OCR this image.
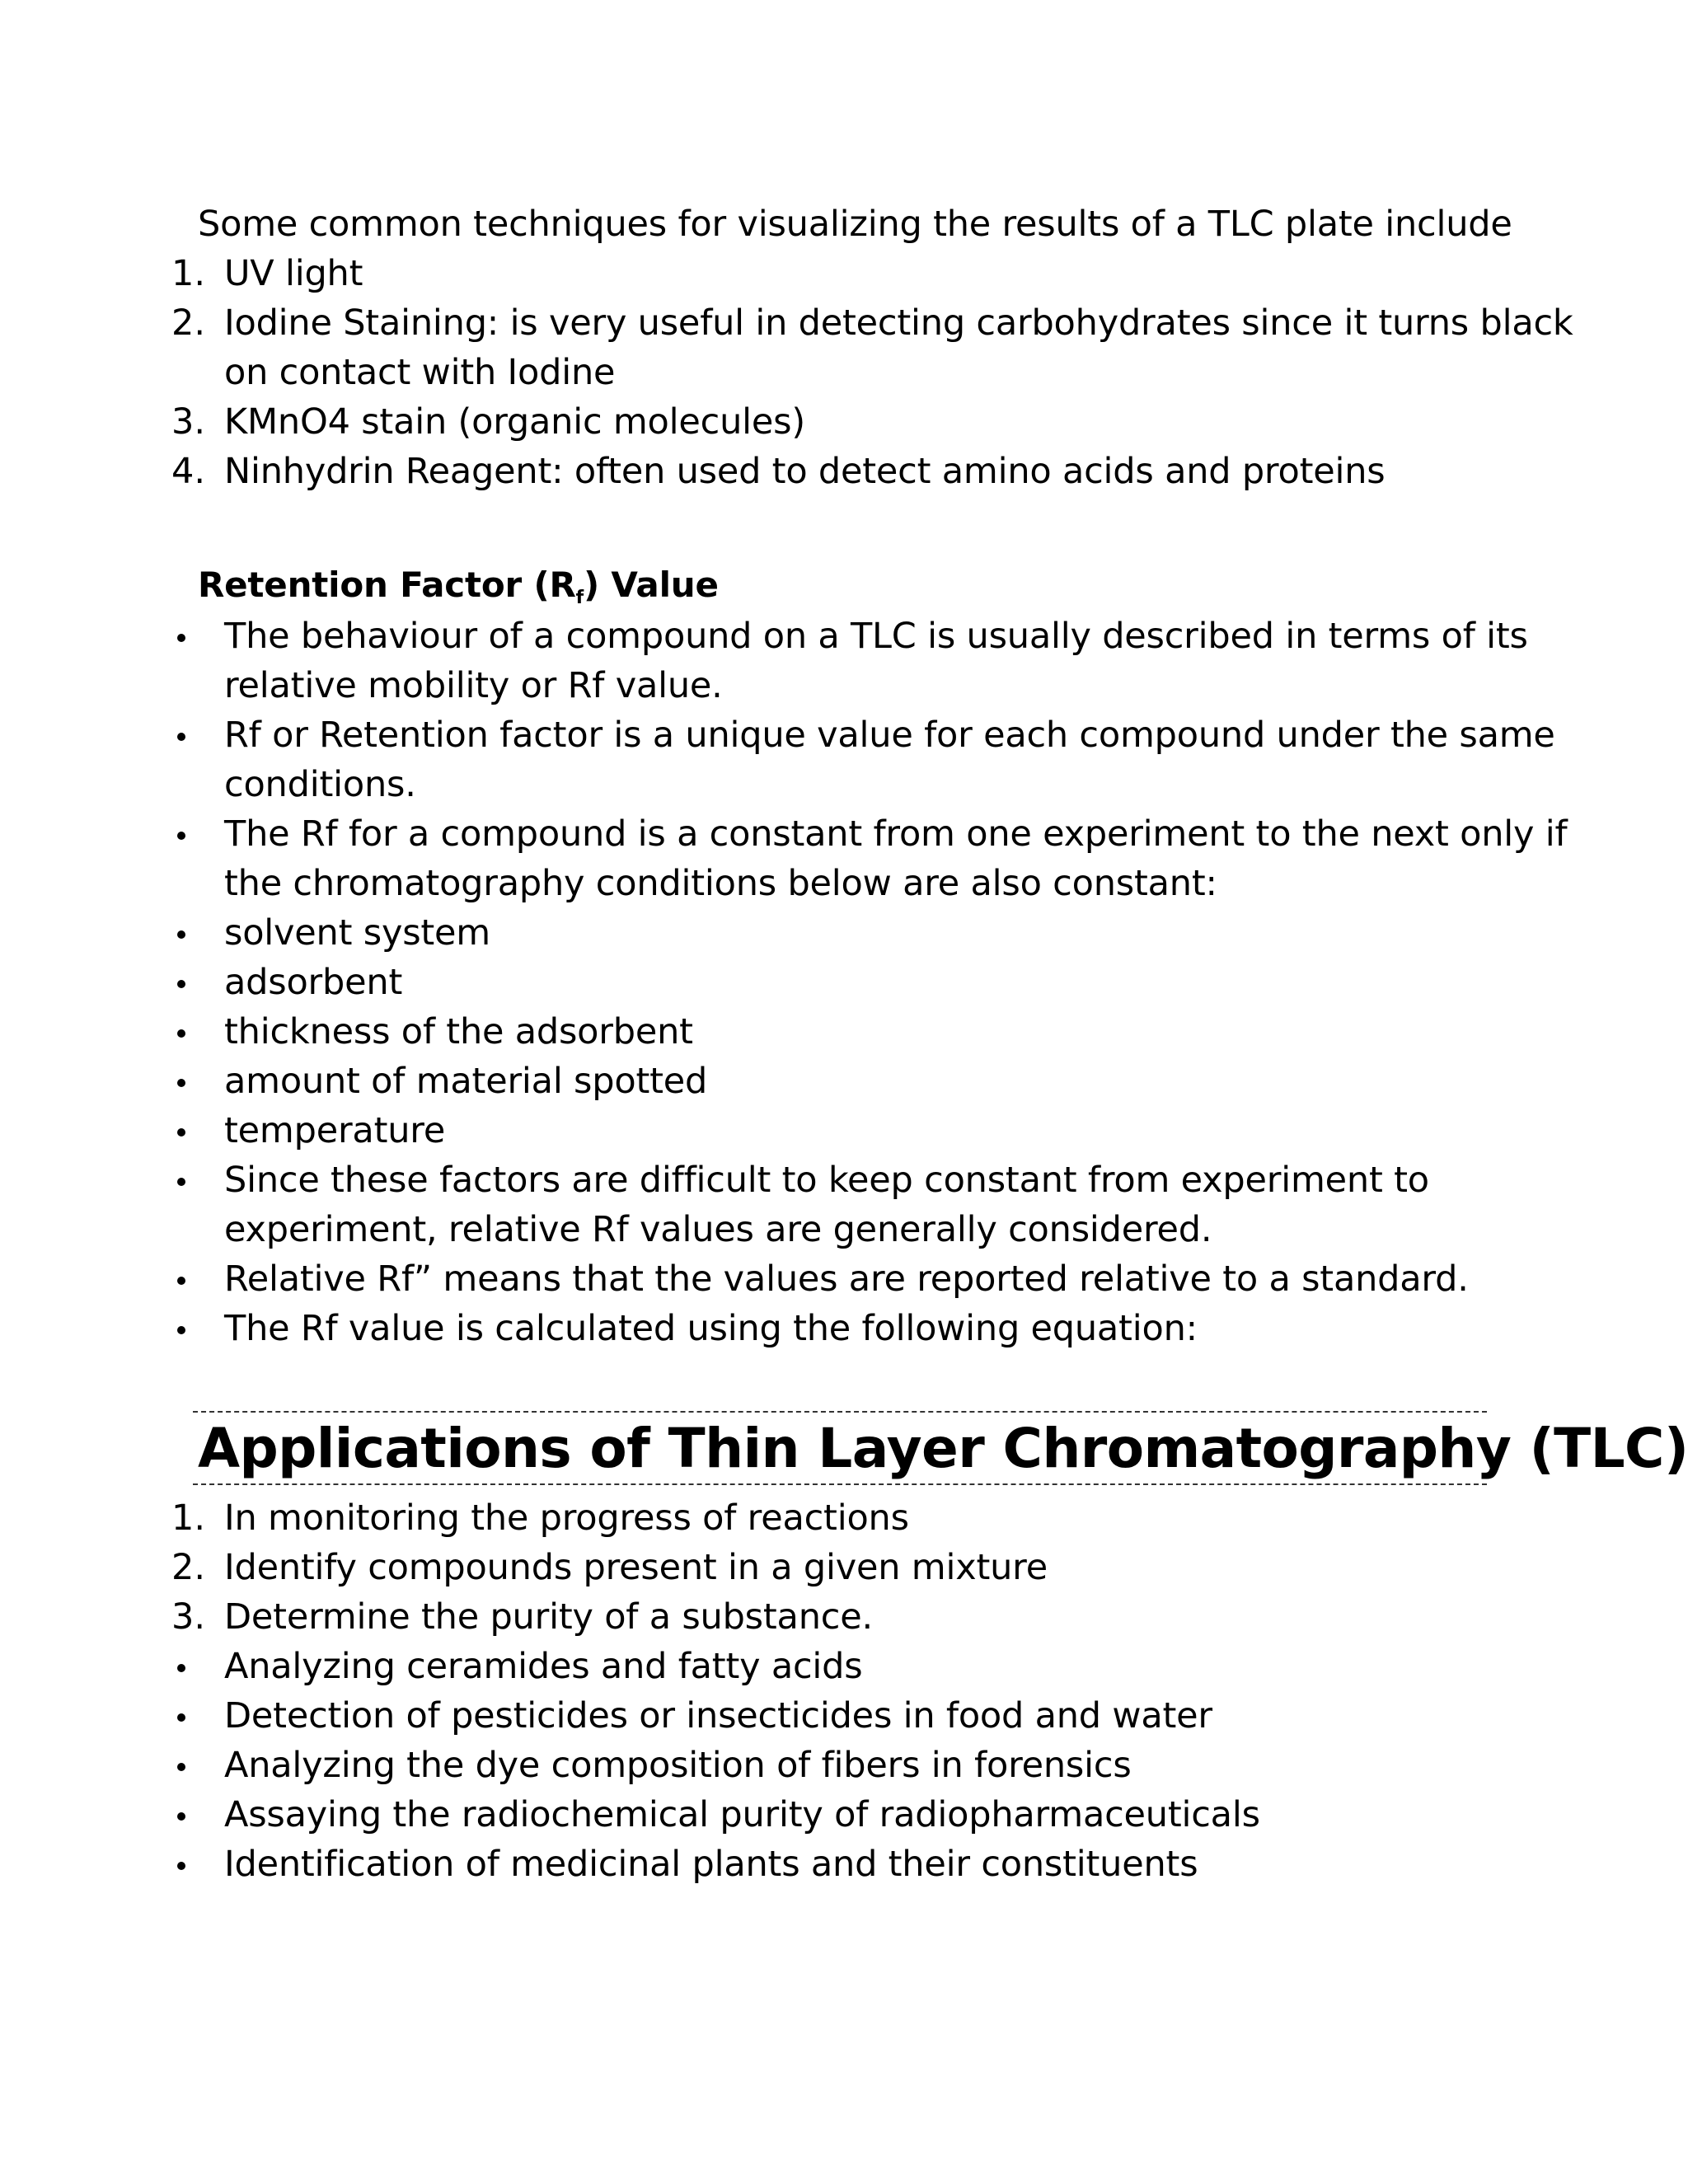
Some common techniques for visualizing the results of a TLC plate include
1. UV light
2. Iodine Staining: is very useful in detecting carbohydrates since it turns black
on contact with Iodine
3. KMnO4 stain (organic molecules)
4. Ninhydrin Reagent: often used to detect amino acids and proteins
Retention Factor $(R_f)$ Value
The behaviour of a compound on a TLC is usually described in terms of its
relative mobility or Rf value.
Rf or Retention factor is a unique value for each compound under the same
conditions.
The Rf for a compound is a constant from one experiment to the next only if
the chromatography conditions below are also constant:
solvent system
adsorbent
thickness of the adsorbent
amount of material spotted
temperature
Since these factors are difficult to keep constant from experiment to
experiment, relative Rf values are generally considered.
Relative Rf” means that the values are reported relative to a standard.
The Rf value is calculated using the following equation:
Applications of Thin Layer Chromatography (TLC)
1. In monitoring the progress of reactions
2. Identify compounds present in a given mixture
3. Determine the purity of a substance.
Analyzing ceramides and fatty acids
Detection of pesticides or insecticides in food and water
Analyzing the dye composition of fibers in forensics
Assaying the radiochemical purity of radiopharmaceuticals
Identification of medicinal plants and their constituents
